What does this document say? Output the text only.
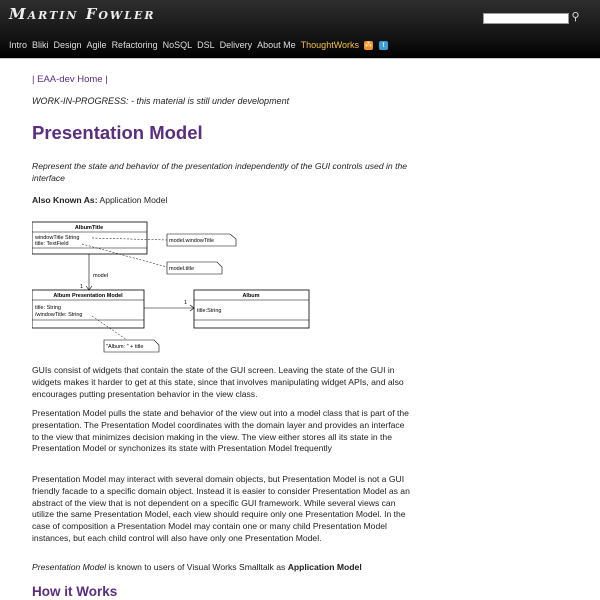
Martin Fowler	⚲
Intro Bliki Design Agile Refactoring NoSQL DSL Delivery About Me ThoughtWorks ⁂	t
| EAA-dev Home |
WORK-IN-PROGRESS: - this material is still under development
Presentation Model
Represent the state and behavior of the presentation independently of the GUI controls used in the interface
Also Known As: Application Model
AlbumTitle
windowTitle String
title: TextField	model.windowTitle
model.title
model
1
Album Presentation Model
title: String
/windowTitle: String
1
Album
title:String
"Album: " + title
GUIs consist of widgets that contain the state of the GUI screen. Leaving the state of the GUI in widgets makes it harder to get at this state, since that involves manipulating widget APIs, and also encourages putting presentation behavior in the view class.
Presentation Model pulls the state and behavior of the view out into a model class that is part of the presentation. The Presentation Model coordinates with the domain layer and provides an interface to the view that minimizes decision making in the view. The view either stores all its state in the Presentation Model or synchonizes its state with Presentation Model frequently
Presentation Model may interact with several domain objects, but Presentation Model is not a GUI friendly facade to a specific domain object. Instead it is easier to consider Presentation Model as an abstract of the view that is not dependent on a specific GUI framework. While several views can utilize the same Presentation Model, each view should require only one Presentation Model. In the case of composition a Presentation Model may contain one or many child Presentation Model instances, but each child control will also have only one Presentation Model.
Presentation Model is known to users of Visual Works Smalltalk as Application Model
How it Works
